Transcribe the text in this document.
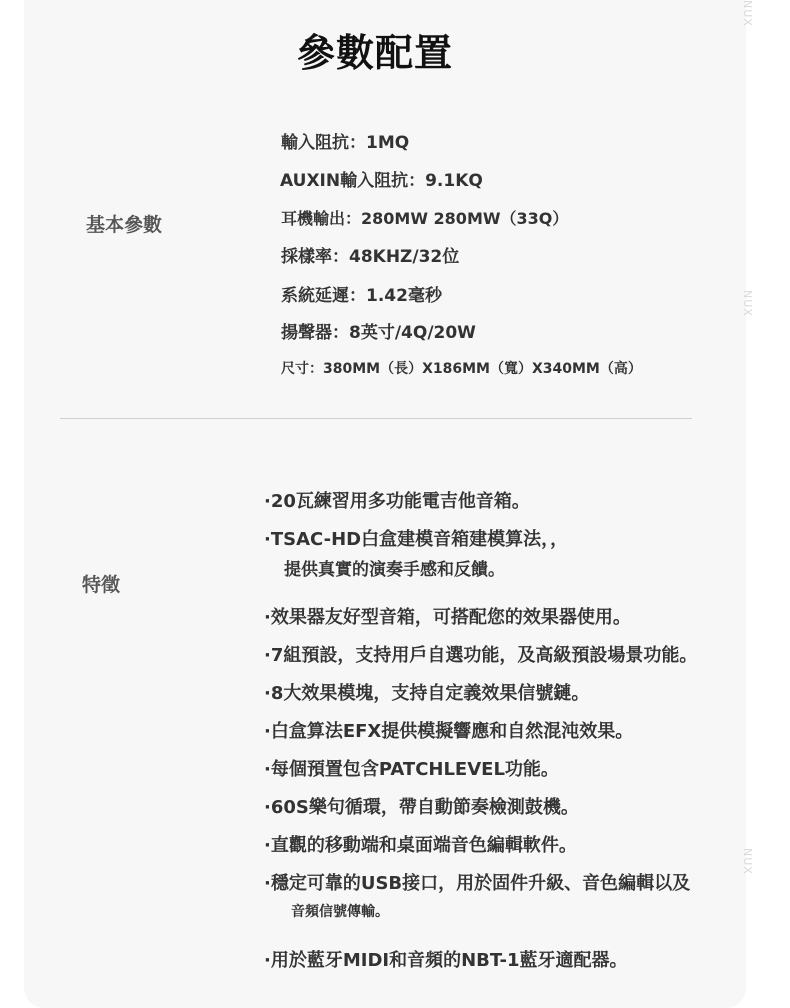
NUX
NUX
NUX
參數配置
基本參數
輸入阻抗：1MQ
AUXIN輸入阻抗：9.1KQ
耳機輸出：280MW 280MW（33Q）
採樣率：48KHZ/32位
系統延遲：1.42毫秒
揚聲器：8英寸/4Q/20W
尺寸：380MM（長）X186MM（寬）X340MM（高）
特徵
·20瓦練習用多功能電吉他音箱。
·TSAC-HD白盒建模音箱建模算法，，
提供真實的演奏手感和反饋。
·效果器友好型音箱，可搭配您的效果器使用。
·7組預設，支持用戶自選功能，及高級預設場景功能。
·8大效果模塊，支持自定義效果信號鏈。
·白盒算法EFX提供模擬響應和自然混沌效果。
·每個預置包含PATCHLEVEL功能。
·60S樂句循環，帶自動節奏檢測鼓機。
·直觀的移動端和桌面端音色編輯軟件。
·穩定可靠的USB接口，用於固件升級、音色編輯以及
音頻信號傳輸。
·用於藍牙MIDI和音頻的NBT-1藍牙適配器。
